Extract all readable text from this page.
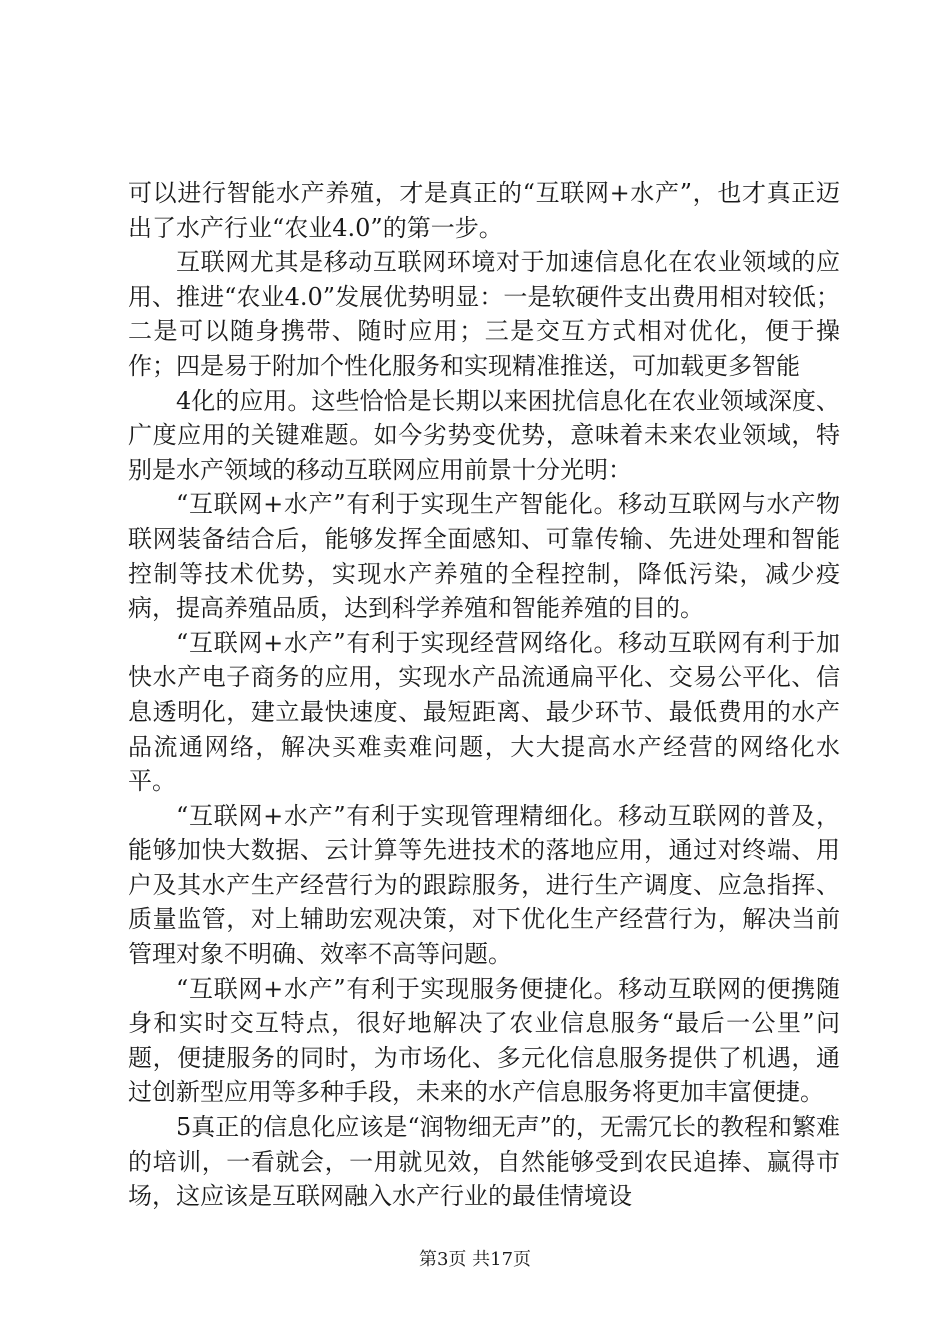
可以进行智能水产养殖，才是真正的“互联网+水产”，也才真正迈出了水产行业“农业4.0”的第一步。

互联网尤其是移动互联网环境对于加速信息化在农业领域的应用、推进“农业4.0”发展优势明显：一是软硬件支出费用相对较低；二是可以随身携带、随时应用；三是交互方式相对优化，便于操作；四是易于附加个性化服务和实现精准推送，可加载更多智能

4化的应用。这些恰恰是长期以来困扰信息化在农业领域深度、广度应用的关键难题。如今劣势变优势，意味着未来农业领域，特别是水产领域的移动互联网应用前景十分光明：

“互联网+水产”有利于实现生产智能化。移动互联网与水产物联网装备结合后，能够发挥全面感知、可靠传输、先进处理和智能控制等技术优势，实现水产养殖的全程控制，降低污染，减少疫病，提高养殖品质，达到科学养殖和智能养殖的目的。

“互联网+水产”有利于实现经营网络化。移动互联网有利于加快水产电子商务的应用，实现水产品流通扁平化、交易公平化、信息透明化，建立最快速度、最短距离、最少环节、最低费用的水产品流通网络，解决买难卖难问题，大大提高水产经营的网络化水平。

“互联网+水产”有利于实现管理精细化。移动互联网的普及，能够加快大数据、云计算等先进技术的落地应用，通过对终端、用户及其水产生产经营行为的跟踪服务，进行生产调度、应急指挥、质量监管，对上辅助宏观决策，对下优化生产经营行为，解决当前管理对象不明确、效率不高等问题。

“互联网+水产”有利于实现服务便捷化。移动互联网的便携随身和实时交互特点，很好地解决了农业信息服务“最后一公里”问题，便捷服务的同时，为市场化、多元化信息服务提供了机遇，通过创新型应用等多种手段，未来的水产信息服务将更加丰富便捷。

5真正的信息化应该是“润物细无声”的，无需冗长的教程和繁难的培训，一看就会，一用就见效，自然能够受到农民追捧、赢得市场，这应该是互联网融入水产行业的最佳情境设

第3页 共17页
